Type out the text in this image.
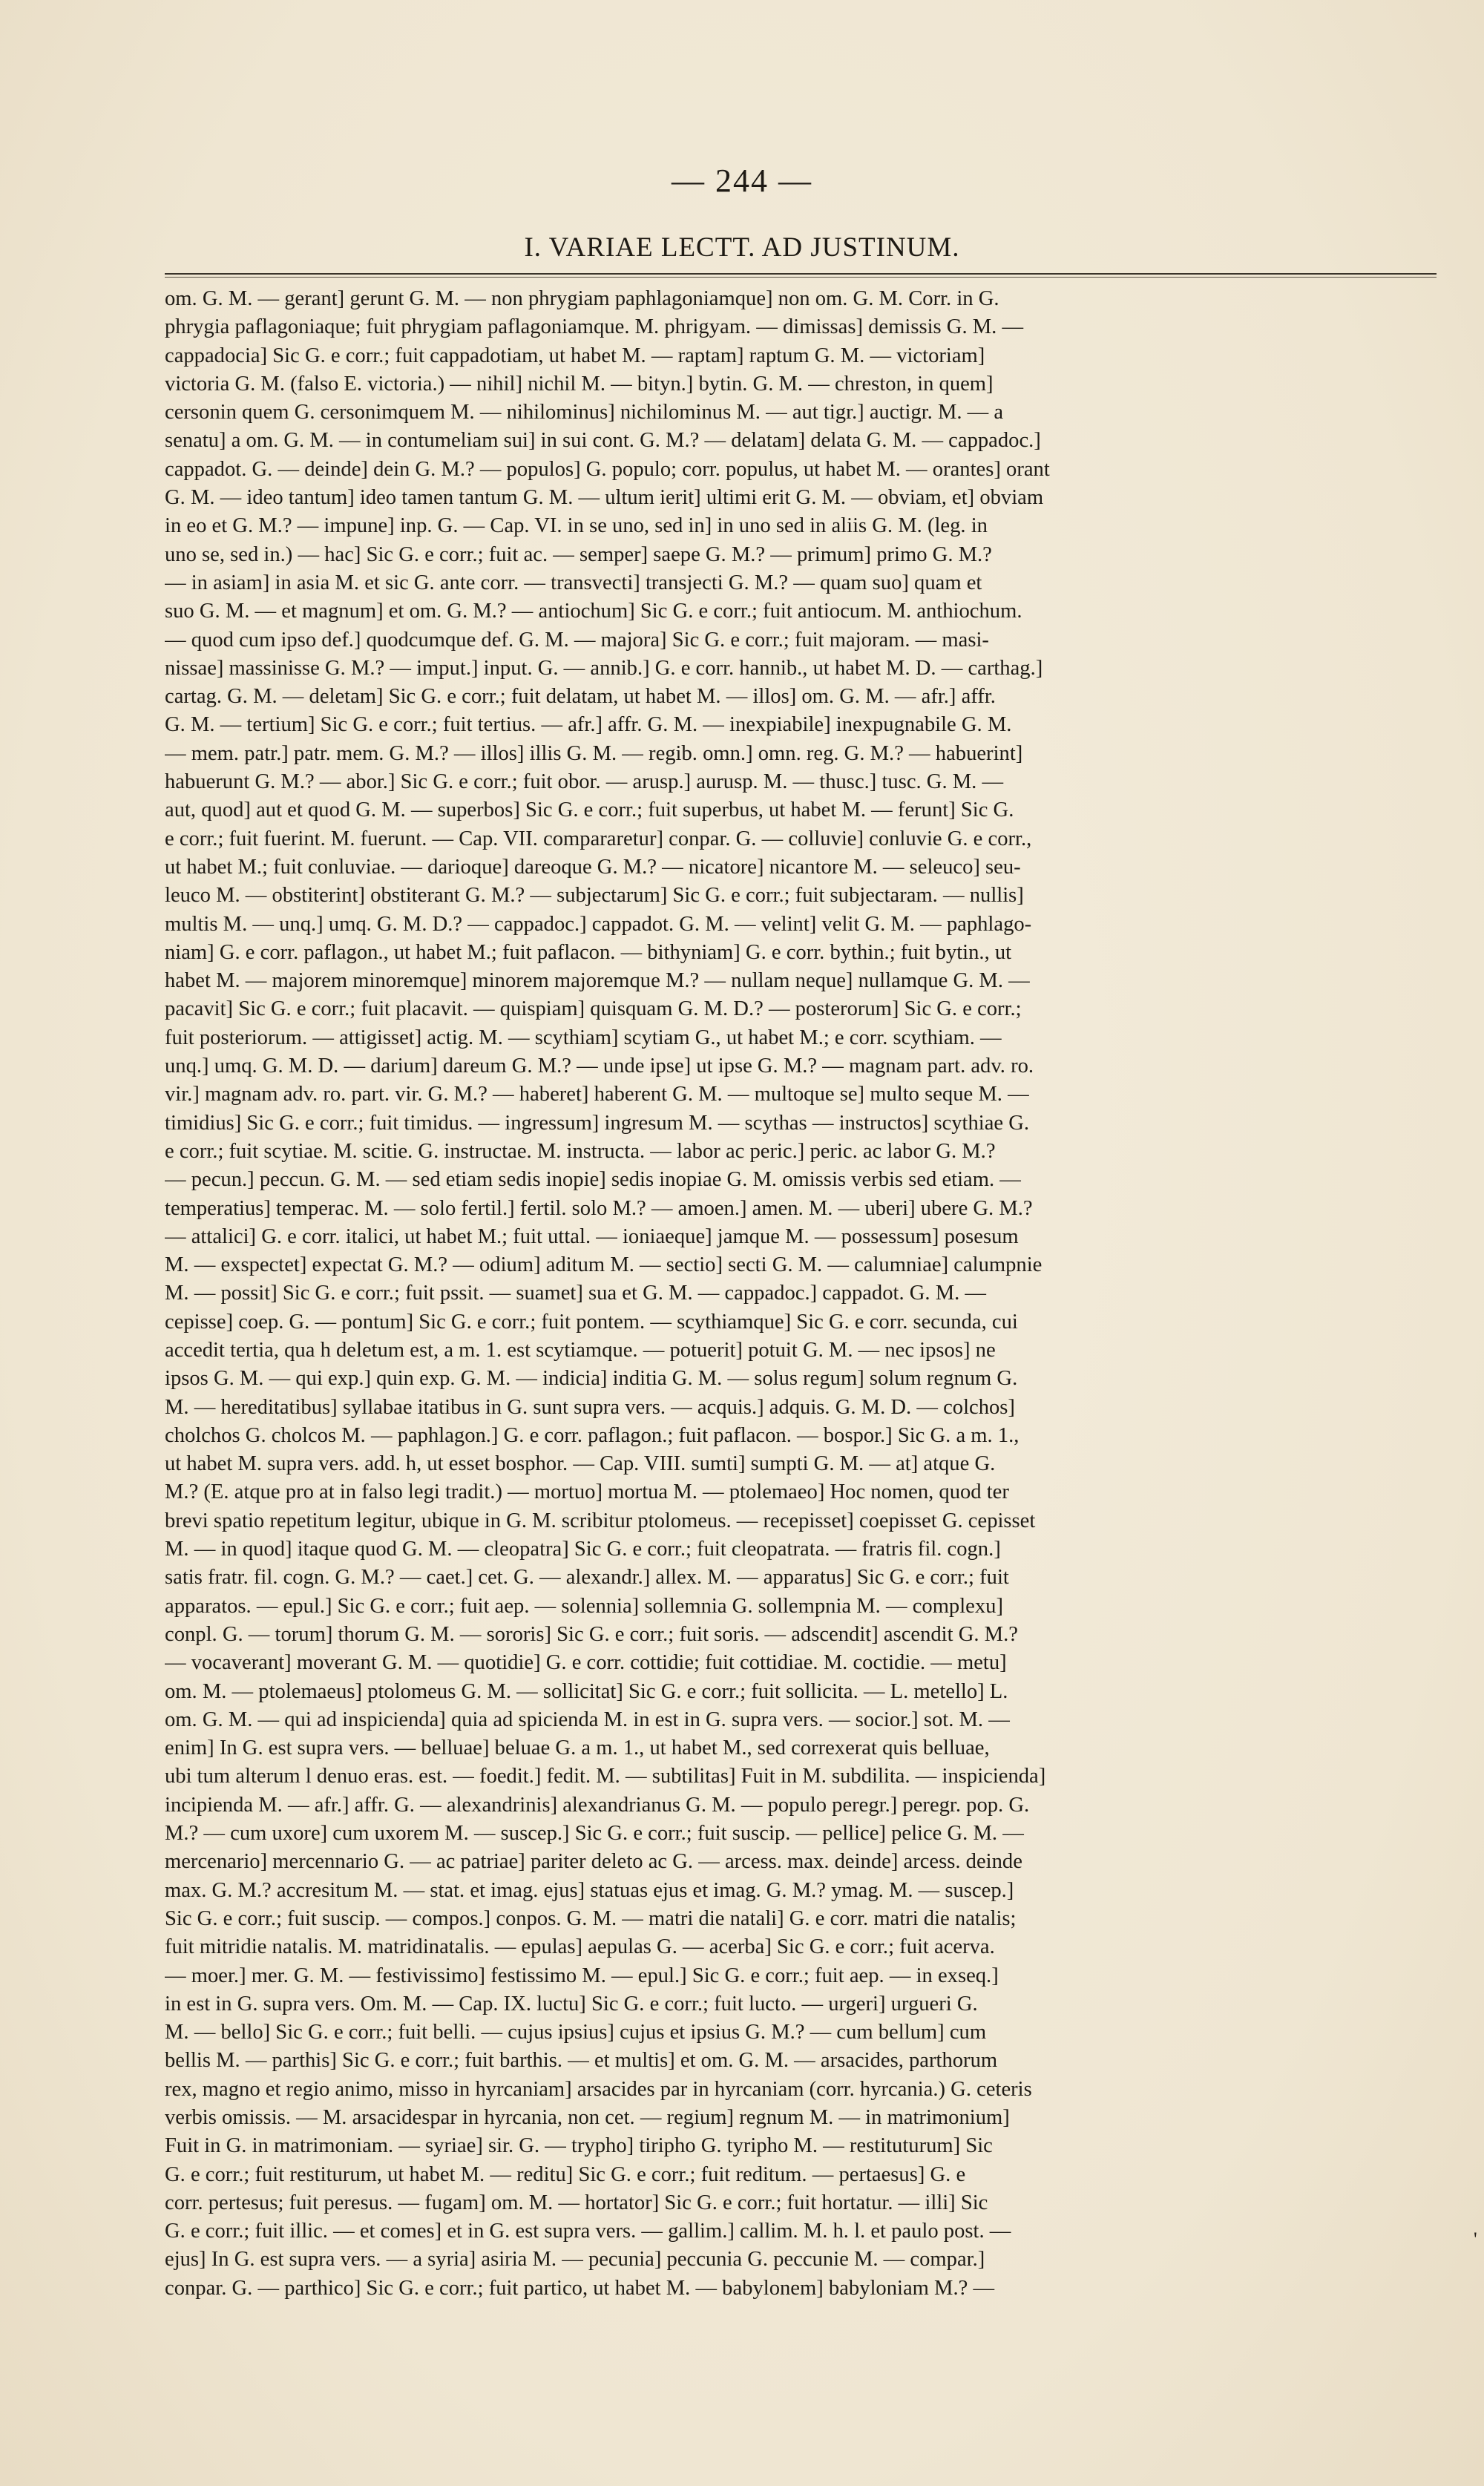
— 244 —
I. VARIAE LECTT. AD JUSTINUM.
om. G. M. — gerant] gerunt G. M. — non phrygiam paphlagoniamque] non om. G. M. Corr. in G.
phrygia paflagoniaque; fuit phrygiam paflagoniamque. M. phrigyam. — dimissas] demissis G. M. —
cappadocia] Sic G. e corr.; fuit cappadotiam, ut habet M. — raptam] raptum G. M. — victoriam]
victoria G. M. (falso E. victoria.) — nihil] nichil M. — bityn.] bytin. G. M. — chreston, in quem]
cersonin quem G. cersonimquem M. — nihilominus] nichilominus M. — aut tigr.] auctigr. M. — a
senatu] a om. G. M. — in contumeliam sui] in sui cont. G. M.? — delatam] delata G. M. — cappadoc.]
cappadot. G. — deinde] dein G. M.? — populos] G. populo; corr. populus, ut habet M. — orantes] orant
G. M. — ideo tantum] ideo tamen tantum G. M. — ultum ierit] ultimi erit G. M. — obviam, et] obviam
in eo et G. M.? — impune] inp. G. — Cap. VI. in se uno, sed in] in uno sed in aliis G. M. (leg. in
uno se, sed in.) — hac] Sic G. e corr.; fuit ac. — semper] saepe G. M.? — primum] primo G. M.?
— in asiam] in asia M. et sic G. ante corr. — transvecti] transjecti G. M.? — quam suo] quam et
suo G. M. — et magnum] et om. G. M.? — antiochum] Sic G. e corr.; fuit antiocum. M. anthiochum.
— quod cum ipso def.] quodcumque def. G. M. — majora] Sic G. e corr.; fuit majoram. — masi-
nissae] massinisse G. M.? — imput.] input. G. — annib.] G. e corr. hannib., ut habet M. D. — carthag.]
cartag. G. M. — deletam] Sic G. e corr.; fuit delatam, ut habet M. — illos] om. G. M. — afr.] affr.
G. M. — tertium] Sic G. e corr.; fuit tertius. — afr.] affr. G. M. — inexpiabile] inexpugnabile G. M.
— mem. patr.] patr. mem. G. M.? — illos] illis G. M. — regib. omn.] omn. reg. G. M.? — habuerint]
habuerunt G. M.? — abor.] Sic G. e corr.; fuit obor. — arusp.] aurusp. M. — thusc.] tusc. G. M. —
aut, quod] aut et quod G. M. — superbos] Sic G. e corr.; fuit superbus, ut habet M. — ferunt] Sic G.
e corr.; fuit fuerint. M. fuerunt. — Cap. VII. compararetur] conpar. G. — colluvie] conluvie G. e corr.,
ut habet M.; fuit conluviae. — darioque] dareoque G. M.? — nicatore] nicantore M. — seleuco] seu-
leuco M. — obstiterint] obstiterant G. M.? — subjectarum] Sic G. e corr.; fuit subjectaram. — nullis]
multis M. — unq.] umq. G. M. D.? — cappadoc.] cappadot. G. M. — velint] velit G. M. — paphlago-
niam] G. e corr. paflagon., ut habet M.; fuit paflacon. — bithyniam] G. e corr. bythin.; fuit bytin., ut
habet M. — majorem minoremque] minorem majoremque M.? — nullam neque] nullamque G. M. —
pacavit] Sic G. e corr.; fuit placavit. — quispiam] quisquam G. M. D.? — posterorum] Sic G. e corr.;
fuit posteriorum. — attigisset] actig. M. — scythiam] scytiam G., ut habet M.; e corr. scythiam. —
unq.] umq. G. M. D. — darium] dareum G. M.? — unde ipse] ut ipse G. M.? — magnam part. adv. ro.
vir.] magnam adv. ro. part. vir. G. M.? — haberet] haberent G. M. — multoque se] multo seque M. —
timidius] Sic G. e corr.; fuit timidus. — ingressum] ingresum M. — scythas — instructos] scythiae G.
e corr.; fuit scytiae. M. scitie. G. instructae. M. instructa. — labor ac peric.] peric. ac labor G. M.?
— pecun.] peccun. G. M. — sed etiam sedis inopie] sedis inopiae G. M. omissis verbis sed etiam. —
temperatius] temperac. M. — solo fertil.] fertil. solo M.? — amoen.] amen. M. — uberi] ubere G. M.?
— attalici] G. e corr. italici, ut habet M.; fuit uttal. — ioniaeque] jamque M. — possessum] posesum
M. — exspectet] expectat G. M.? — odium] aditum M. — sectio] secti G. M. — calumniae] calumpnie
M. — possit] Sic G. e corr.; fuit pssit. — suamet] sua et G. M. — cappadoc.] cappadot. G. M. —
cepisse] coep. G. — pontum] Sic G. e corr.; fuit pontem. — scythiamque] Sic G. e corr. secunda, cui
accedit tertia, qua h deletum est, a m. 1. est scytiamque. — potuerit] potuit G. M. — nec ipsos] ne
ipsos G. M. — qui exp.] quin exp. G. M. — indicia] inditia G. M. — solus regum] solum regnum G.
M. — hereditatibus] syllabae itatibus in G. sunt supra vers. — acquis.] adquis. G. M. D. — colchos]
cholchos G. cholcos M. — paphlagon.] G. e corr. paflagon.; fuit paflacon. — bospor.] Sic G. a m. 1.,
ut habet M. supra vers. add. h, ut esset bosphor. — Cap. VIII. sumti] sumpti G. M. — at] atque G.
M.? (E. atque pro at in falso legi tradit.) — mortuo] mortua M. — ptolemaeo] Hoc nomen, quod ter
brevi spatio repetitum legitur, ubique in G. M. scribitur ptolomeus. — recepisset] coepisset G. cepisset
M. — in quod] itaque quod G. M. — cleopatra] Sic G. e corr.; fuit cleopatrata. — fratris fil. cogn.]
satis fratr. fil. cogn. G. M.? — caet.] cet. G. — alexandr.] allex. M. — apparatus] Sic G. e corr.; fuit
apparatos. — epul.] Sic G. e corr.; fuit aep. — solennia] sollemnia G. sollempnia M. — complexu]
conpl. G. — torum] thorum G. M. — sororis] Sic G. e corr.; fuit soris. — adscendit] ascendit G. M.?
— vocaverant] moverant G. M. — quotidie] G. e corr. cottidie; fuit cottidiae. M. coctidie. — metu]
om. M. — ptolemaeus] ptolomeus G. M. — sollicitat] Sic G. e corr.; fuit sollicita. — L. metello] L.
om. G. M. — qui ad inspicienda] quia ad spicienda M. in est in G. supra vers. — socior.] sot. M. —
enim] In G. est supra vers. — belluae] beluae G. a m. 1., ut habet M., sed correxerat quis belluae,
ubi tum alterum l denuo eras. est. — foedit.] fedit. M. — subtilitas] Fuit in M. subdilita. — inspicienda]
incipienda M. — afr.] affr. G. — alexandrinis] alexandrianus G. M. — populo peregr.] peregr. pop. G.
M.? — cum uxore] cum uxorem M. — suscep.] Sic G. e corr.; fuit suscip. — pellice] pelice G. M. —
mercenario] mercennario G. — ac patriae] pariter deleto ac G. — arcess. max. deinde] arcess. deinde
max. G. M.? accresitum M. — stat. et imag. ejus] statuas ejus et imag. G. M.? ymag. M. — suscep.]
Sic G. e corr.; fuit suscip. — compos.] conpos. G. M. — matri die natali] G. e corr. matri die natalis;
fuit mitridie natalis. M. matridinatalis. — epulas] aepulas G. — acerba] Sic G. e corr.; fuit acerva.
— moer.] mer. G. M. — festivissimo] festissimo M. — epul.] Sic G. e corr.; fuit aep. — in exseq.]
in est in G. supra vers. Om. M. — Cap. IX. luctu] Sic G. e corr.; fuit lucto. — urgeri] urgueri G.
M. — bello] Sic G. e corr.; fuit belli. — cujus ipsius] cujus et ipsius G. M.? — cum bellum] cum
bellis M. — parthis] Sic G. e corr.; fuit barthis. — et multis] et om. G. M. — arsacides, parthorum
rex, magno et regio animo, misso in hyrcaniam] arsacides par in hyrcaniam (corr. hyrcania.) G. ceteris
verbis omissis. — M. arsacidespar in hyrcania, non cet. — regium] regnum M. — in matrimonium]
Fuit in G. in matrimoniam. — syriae] sir. G. — trypho] tiripho G. tyripho M. — restituturum] Sic
G. e corr.; fuit restiturum, ut habet M. — reditu] Sic G. e corr.; fuit reditum. — pertaesus] G. e
corr. pertesus; fuit peresus. — fugam] om. M. — hortator] Sic G. e corr.; fuit hortatur. — illi] Sic
G. e corr.; fuit illic. — et comes] et in G. est supra vers. — gallim.] callim. M. h. l. et paulo post. —
ejus] In G. est supra vers. — a syria] asiria M. — pecunia] peccunia G. peccunie M. — compar.]
conpar. G. — parthico] Sic G. e corr.; fuit partico, ut habet M. — babylonem] babyloniam M.? —
'
